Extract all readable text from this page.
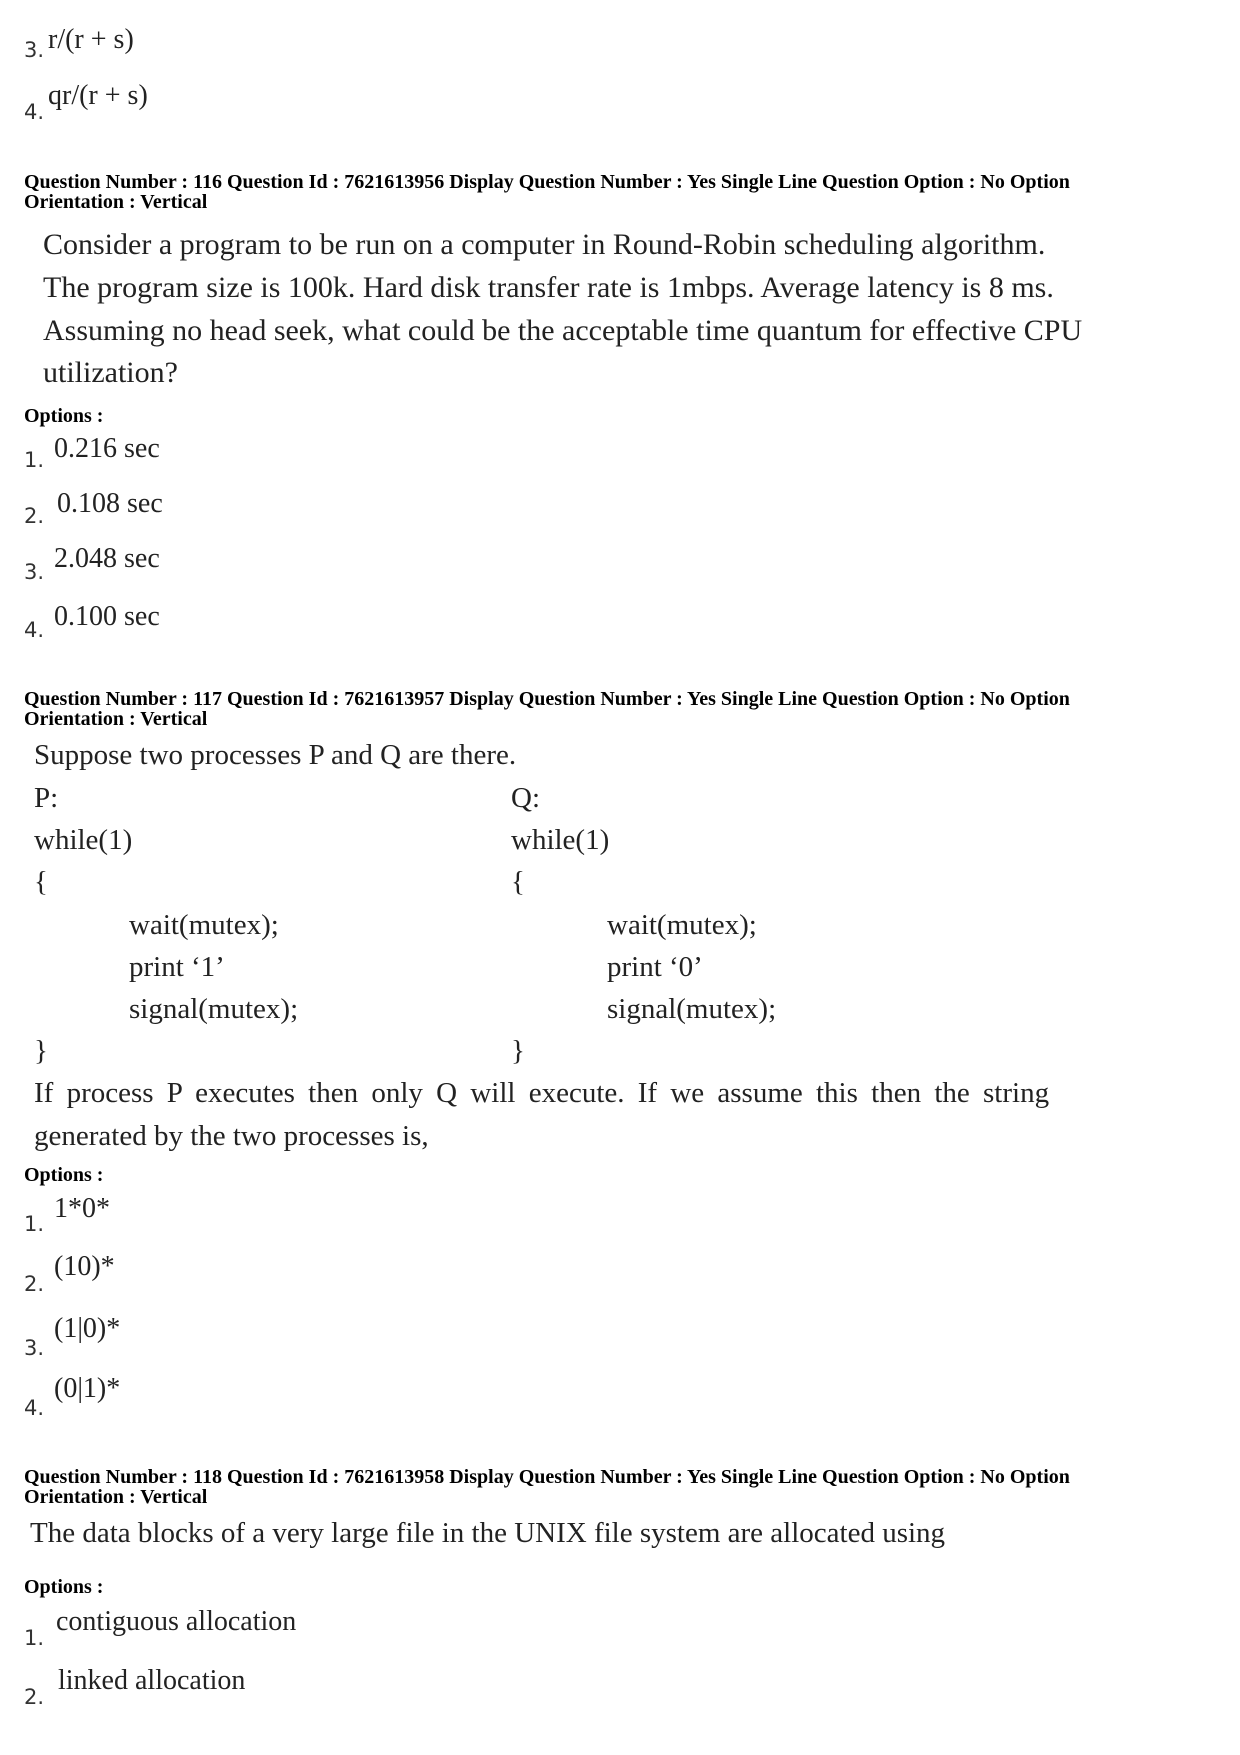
3. r/(r + s)
4.
qr/(r + s)
Question Number : 116 Question Id : 7621613956 Display Question Number : Yes Single Line Question Option : No Option
Orientation : Vertical
Consider a program to be run on a computer in Round-Robin scheduling algorithm.
The program size is 100k. Hard disk transfer rate is 1mbps. Average latency is 8 ms.
Assuming no head seek, what could be the acceptable time quantum for effective CPU
utilization?
Options :
1. 0.216 sec
2. 0.108 sec
3. 2.048 sec
4. 0.100 sec
Question Number : 117 Question Id : 7621613957 Display Question Number : Yes Single Line Question Option : No Option
Orientation : Vertical
Suppose two processes P and Q are there.
P:
while(1)
{
wait(mutex);
print ‘1’
signal(mutex);
}
Q:
while(1)
{
wait(mutex);
print ‘0’
signal(mutex);
}
If process P executes then only Q will execute. If we assume this then the string
generated by the two processes is,
Options :
1. 1*0*
2.
(10)*
3.
(1|0)*
4.
(0|1)*
Question Number : 118 Question Id : 7621613958 Display Question Number : Yes Single Line Question Option : No Option
Orientation : Vertical
The data blocks of a very large file in the UNIX file system are allocated using
Options :
1.
contiguous allocation
2.
linked allocation
